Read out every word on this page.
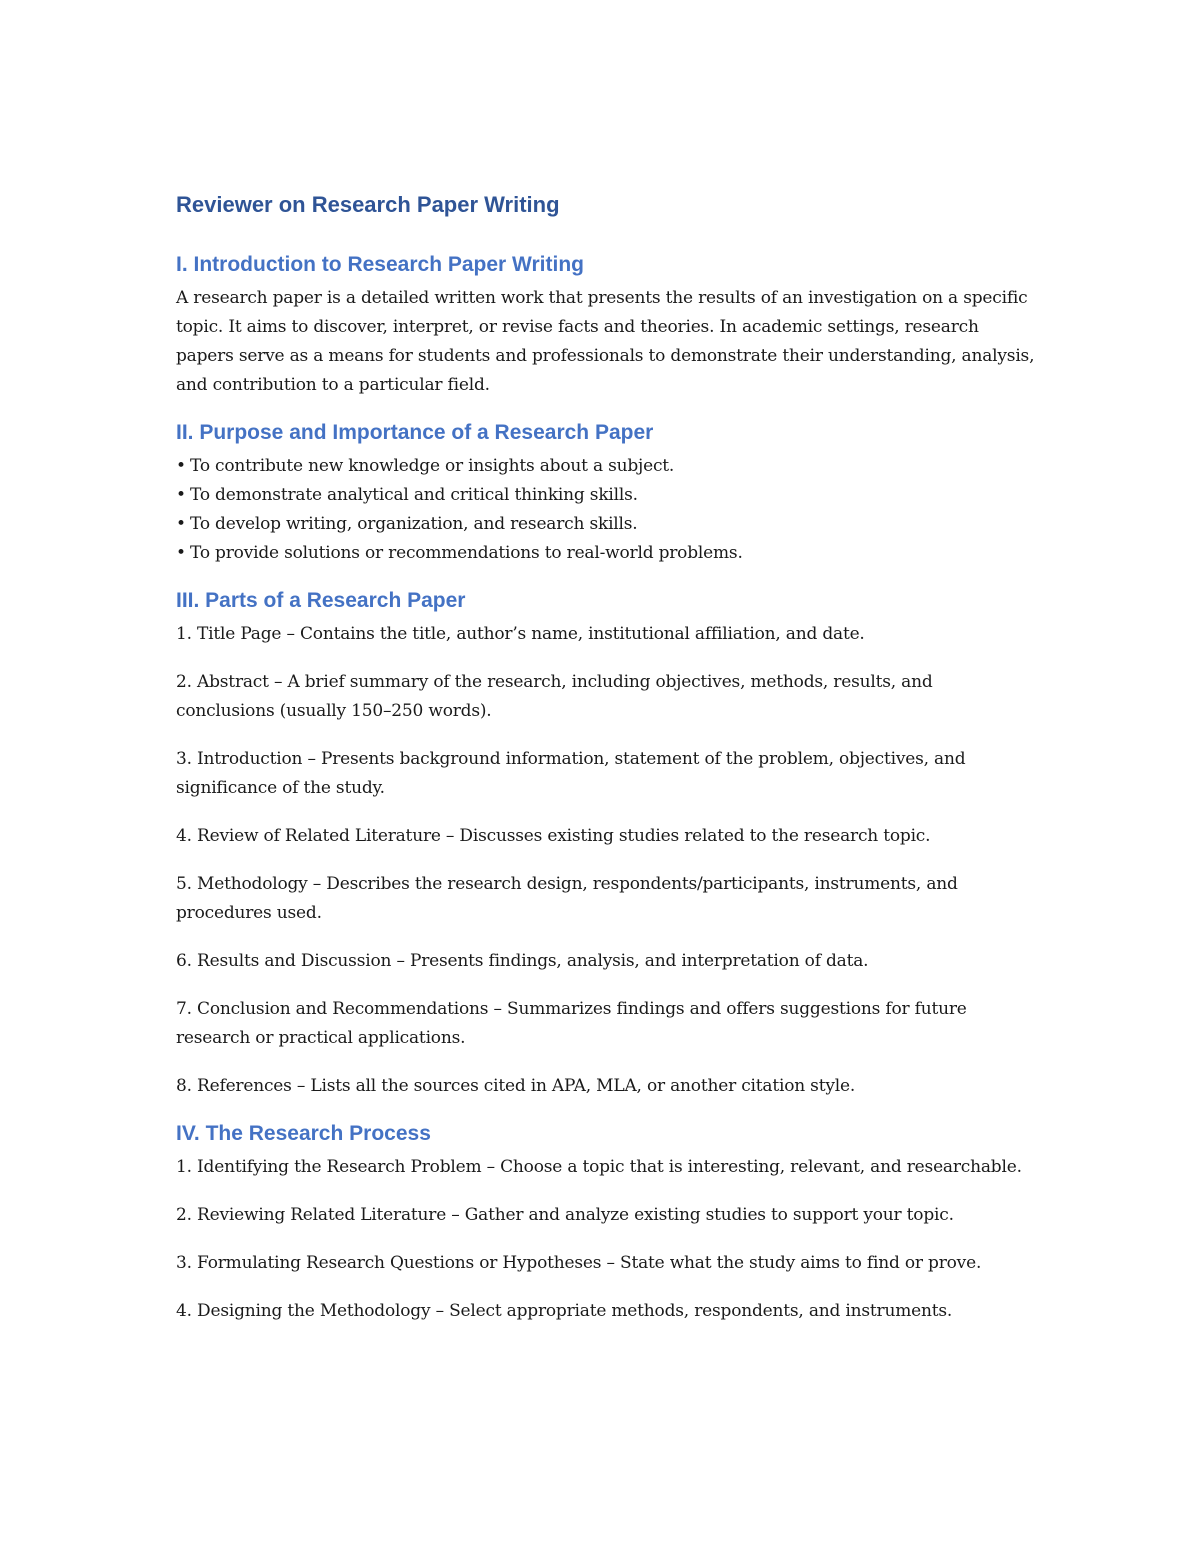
Reviewer on Research Paper Writing
I. Introduction to Research Paper Writing

A research paper is a detailed written work that presents the results of an investigation on a specific topic. It aims to discover, interpret, or revise facts and theories. In academic settings, research papers serve as a means for students and professionals to demonstrate their understanding, analysis, and contribution to a particular field.

II. Purpose and Importance of a Research Paper
• To contribute new knowledge or insights about a subject.
• To demonstrate analytical and critical thinking skills.
• To develop writing, organization, and research skills.
• To provide solutions or recommendations to real-world problems.
III. Parts of a Research Paper
1. Title Page – Contains the title, author’s name, institutional affiliation, and date.
2. Abstract – A brief summary of the research, including objectives, methods, results, and conclusions (usually 150–250 words).
3. Introduction – Presents background information, statement of the problem, objectives, and significance of the study.
4. Review of Related Literature – Discusses existing studies related to the research topic.
5. Methodology – Describes the research design, respondents/participants, instruments, and procedures used.
6. Results and Discussion – Presents findings, analysis, and interpretation of data.
7. Conclusion and Recommendations – Summarizes findings and offers suggestions for future research or practical applications.
8. References – Lists all the sources cited in APA, MLA, or another citation style.
IV. The Research Process
1. Identifying the Research Problem – Choose a topic that is interesting, relevant, and researchable.
2. Reviewing Related Literature – Gather and analyze existing studies to support your topic.
3. Formulating Research Questions or Hypotheses – State what the study aims to find or prove.
4. Designing the Methodology – Select appropriate methods, respondents, and instruments.
